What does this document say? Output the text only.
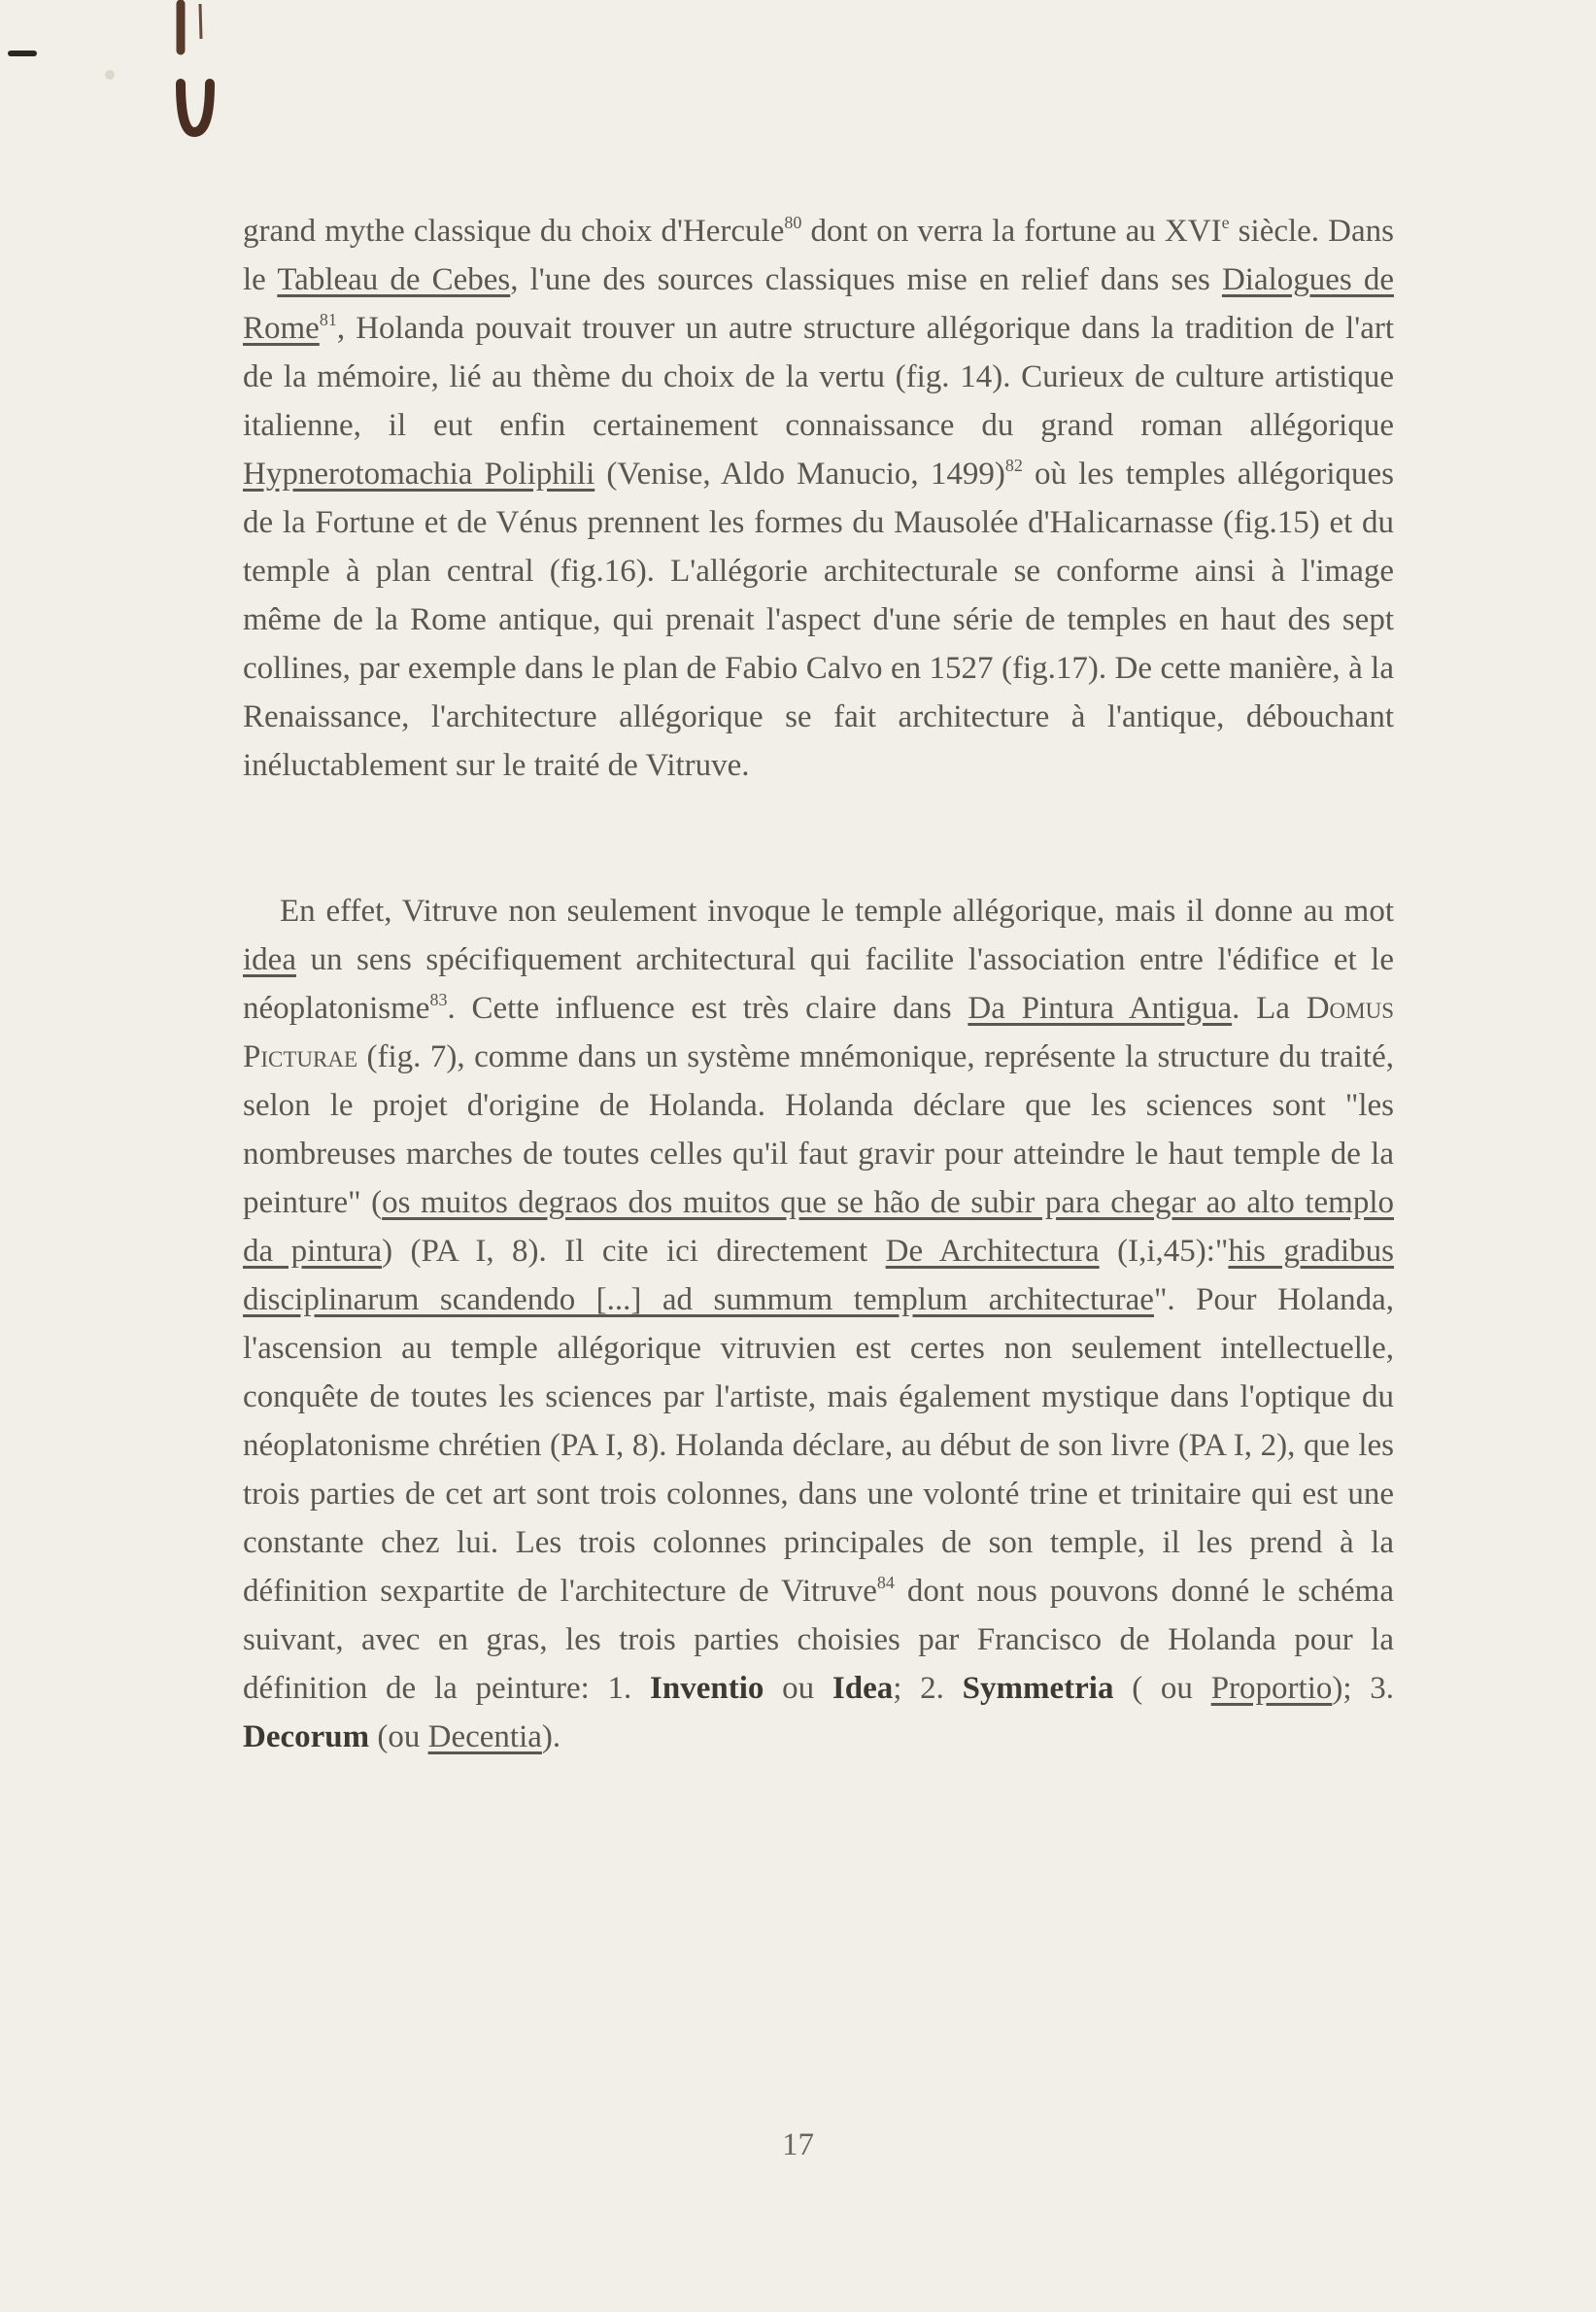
grand mythe classique du choix d'Hercule$^{80}$ dont on verra la fortune au XVIe siècle. Dans le Tableau de Cebes, l'une des sources classiques mise en relief dans ses Dialogues de Rome$^{81}$, Holanda pouvait trouver un autre structure allégorique dans la tradition de l'art de la mémoire, lié au thème du choix de la vertu (fig. 14). Curieux de culture artistique italienne, il eut enfin certainement connaissance du grand roman allégorique Hypnerotomachia Poliphili (Venise, Aldo Manucio, 1499)$^{82}$ où les temples allégoriques de la Fortune et de Vénus prennent les formes du Mausolée d'Halicarnasse (fig.15) et du temple à plan central (fig.16). L'allégorie architecturale se conforme ainsi à l'image même de la Rome antique, qui prenait l'aspect d'une série de temples en haut des sept collines, par exemple dans le plan de Fabio Calvo en 1527 (fig.17). De cette manière, à la Renaissance, l'architecture allégorique se fait architecture à l'antique, débouchant inéluctablement sur le traité de Vitruve.

En effet, Vitruve non seulement invoque le temple allégorique, mais il donne au mot idea un sens spécifiquement architectural qui facilite l'association entre l'édifice et le néoplatonisme$^{83}$. Cette influence est très claire dans Da Pintura Antigua. La Domus Picturae (fig. 7), comme dans un système mnémonique, représente la structure du traité, selon le projet d'origine de Holanda. Holanda déclare que les sciences sont "les nombreuses marches de toutes celles qu'il faut gravir pour atteindre le haut temple de la peinture" (os muitos degraos dos muitos que se hão de subir para chegar ao alto templo da pintura) (PA I, 8). Il cite ici directement De Architectura (I,i,45):"his gradibus disciplinarum scandendo [...] ad summum templum architecturae". Pour Holanda, l'ascension au temple allégorique vitruvien est certes non seulement intellectuelle, conquête de toutes les sciences par l'artiste, mais également mystique dans l'optique du néoplatonisme chrétien (PA I, 8). Holanda déclare, au début de son livre (PA I, 2), que les trois parties de cet art sont trois colonnes, dans une volonté trine et trinitaire qui est une constante chez lui. Les trois colonnes principales de son temple, il les prend à la définition sexpartite de l'architecture de Vitruve$^{84}$ dont nous pouvons donné le schéma suivant, avec en gras, les trois parties choisies par Francisco de Holanda pour la définition de la peinture: 1. Inventio ou Idea; 2. Symmetria ( ou Proportio); 3. Decorum (ou Decentia).

17
